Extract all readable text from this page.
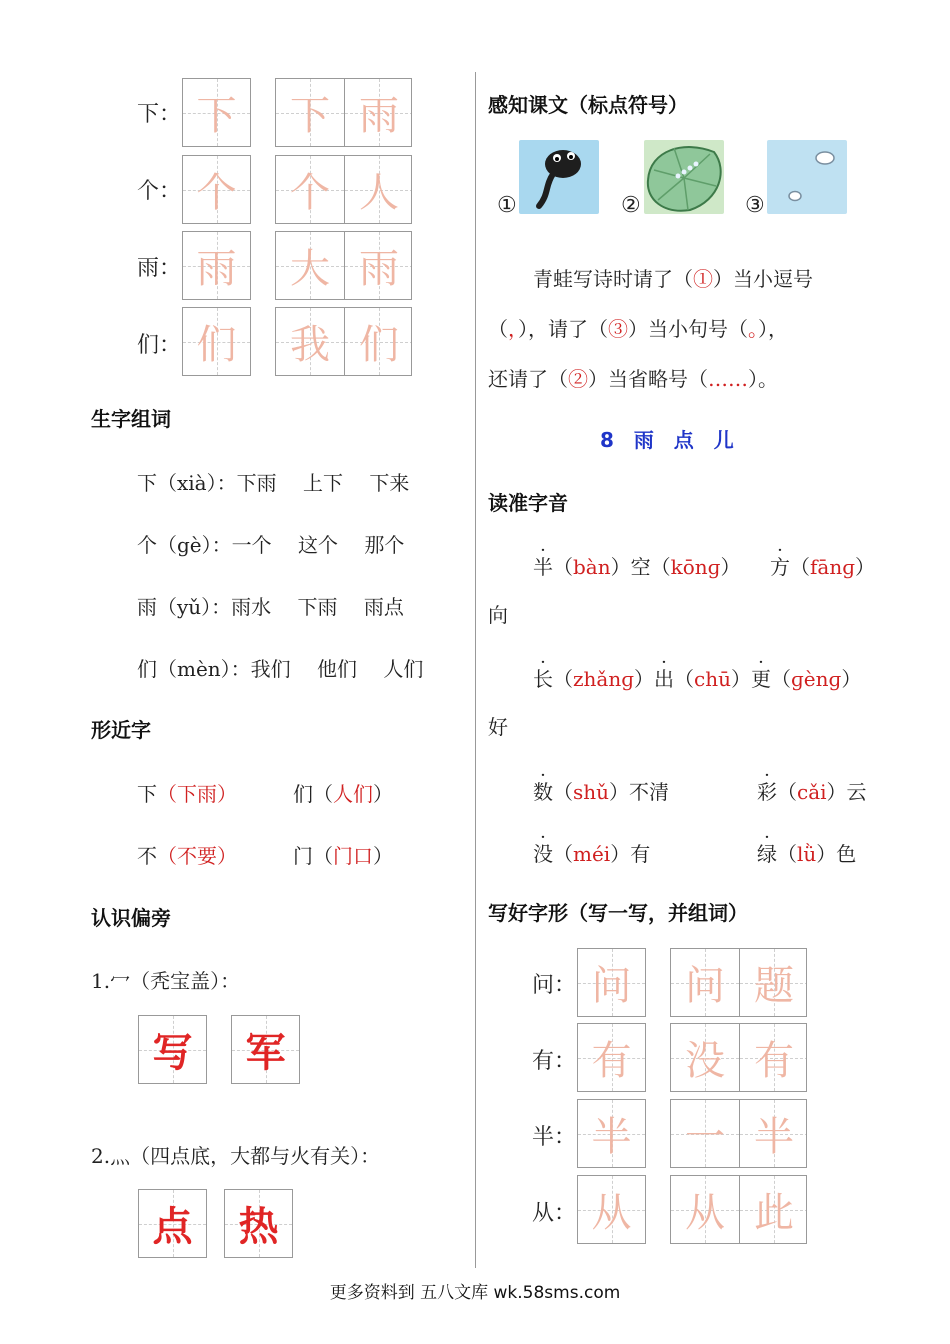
下： 下	下 雨
个： 个	个 人
雨： 雨	大 雨
们： 们	我 们
生字组词
下（xià）：下雨　 上下　 下来
个（gè）：一个　 这个　 那个
雨（yǔ）：雨水　 下雨　 雨点
们（mèn）：我们　 他们　 人们
形近字
下（下雨）	们（人们）
不（不要）	门（门口）
认识偏旁
1.冖（秃宝盖）：
写	军
2.灬（四点底，大都与火有关）：
点	热
感知课文（标点符号）
①	②	③
青蛙写诗时请了（①）当小逗号
（，），请了（③）当小句号（。），
还请了（②）当省略号（……）。
8  雨  点  儿
读准字音
半（bàn）空（kōnɡ） 方（fānɡ）
向
长（zhǎnɡ）出（chū）更（ɡènɡ）
好
数（shǔ）不清	彩（cǎi）云
没（méi）有	绿（lǜ）色
写好字形（写一写，并组词）
问： 问	问 题
有： 有	没 有
半： 半	一 半
从： 从	从 此
更多资料到 五八文库 wk.58sms.com
